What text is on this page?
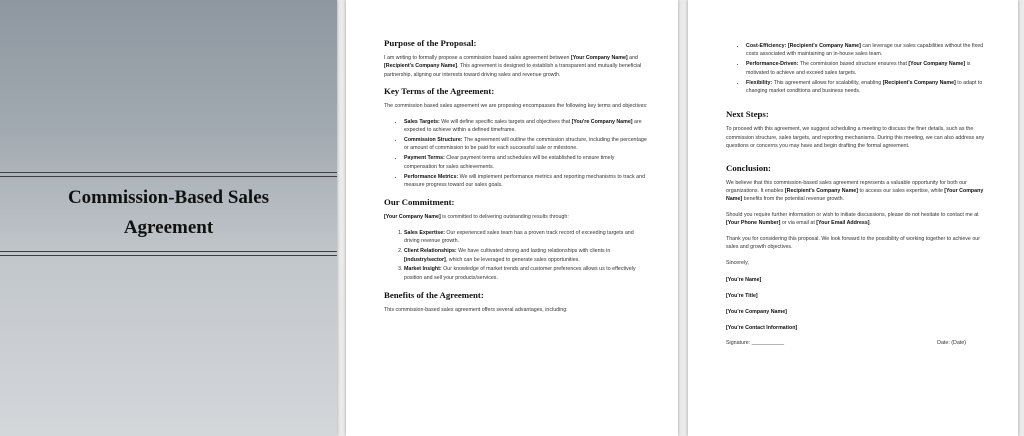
Commission-Based Sales
Agreement
Purpose of the Proposal:

I am writing to formally propose a commission based sales agreement between [Your Company Name] and [Recipient's Company Name]. This agreement is designed to establish a transparent and mutually beneficial partnership, aligning our interests toward driving sales and revenue growth.

Key Terms of the Agreement:

The commission based sales agreement we are proposing encompasses the following key terms and objectives:

• Sales Targets: We will define specific sales targets and objectives that [You're Company Name] are expected to achieve within a defined timeframe.
• Commission Structure: The agreement will outline the commission structure, including the percentage or amount of commission to be paid for each successful sale or milestone.
• Payment Terms: Clear payment terms and schedules will be established to ensure timely compensation for sales achievements.
• Performance Metrics: We will implement performance metrics and reporting mechanisms to track and measure progress toward our sales goals.
Our Commitment:

[Your Company Name] is committed to delivering outstanding results through:

1. Sales Expertise: Our experienced sales team has a proven track record of exceeding targets and driving revenue growth.
2. Client Relationships: We have cultivated strong and lasting relationships with clients in [industry/sector], which can be leveraged to generate sales opportunities.
3. Market Insight: Our knowledge of market trends and customer preferences allows us to effectively position and sell your products/services.
Benefits of the Agreement:

This commission-based sales agreement offers several advantages, including:

• Cost-Efficiency: [Recipient's Company Name] can leverage our sales capabilities without the fixed costs associated with maintaining an in-house sales team.
• Performance-Driven: The commission based structure ensures that [Your Company Name] is motivated to achieve and exceed sales targets.
• Flexibility: This agreement allows for scalability, enabling [Recipient's Company Name] to adapt to changing market conditions and business needs.
Next Steps:

To proceed with this agreement, we suggest scheduling a meeting to discuss the finer details, such as the commission structure, sales targets, and reporting mechanisms. During this meeting, we can also address any questions or concerns you may have and begin drafting the formal agreement.

Conclusion:

We believe that this commission-based sales agreement represents a valuable opportunity for both our organizations. It enables [Recipient's Company Name] to access our sales expertise, while [Your Company Name] benefits from the potential revenue growth.

Should you require further information or wish to initiate discussions, please do not hesitate to contact me at [Your Phone Number] or via email at [Your Email Address].

Thank you for considering this proposal. We look forward to the possibility of working together to achieve our sales and growth objectives.

Sincerely,

[You're Name]
[You're Title]
[You're Company Name]
[You're Contact Information]
Signature: ___________	Date: (Date)
